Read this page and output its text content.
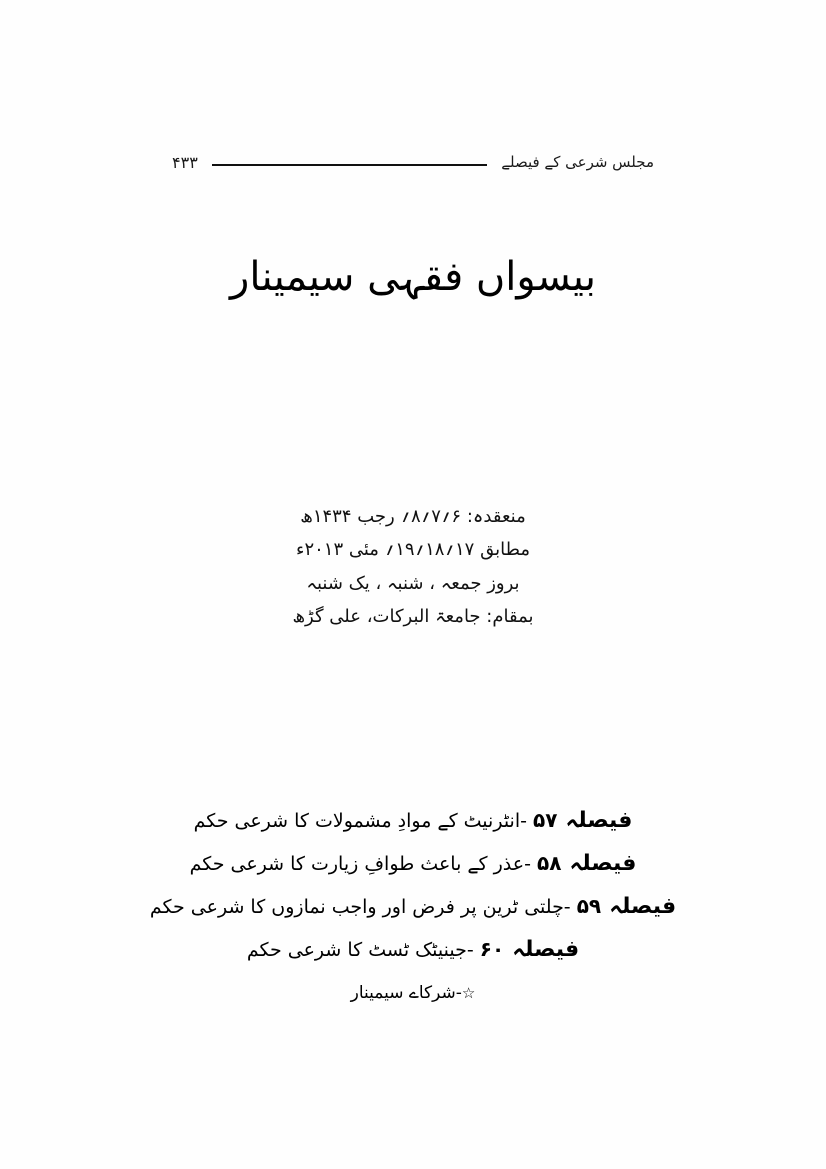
مجلس شرعی کے فیصلے
۴۳۳
بیسواں فقہی سیمینار
منعقدہ: ۶؍۷؍۸؍ رجب ۱۴۳۴ھ
مطابق ۱۷؍۱۸؍۱۹؍ مئی ۲۰۱۳ء
بروز جمعہ ، شنبہ ، یک شنبہ
بمقام: جامعۃ البرکات، علی گڑھ
فیصلہ ۵۷ -انٹرنیٹ کے موادِ مشمولات کا شرعی حکم
فیصلہ ۵۸ -عذر کے باعث طوافِ زیارت کا شرعی حکم
فیصلہ ۵۹ -چلتی ٹرین پر فرض اور واجب نمازوں کا شرعی حکم
فیصلہ ۶۰ -جینیٹک ٹسٹ کا شرعی حکم
☆-شرکاے سیمینار
